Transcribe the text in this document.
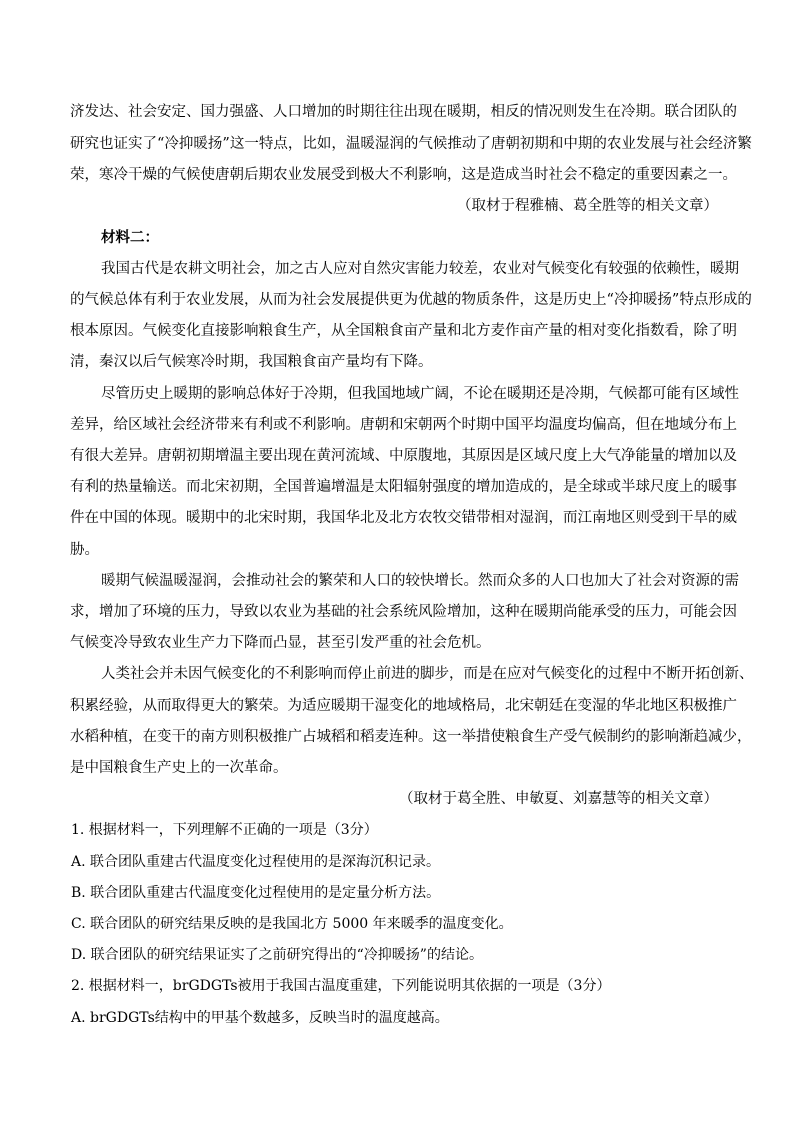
济发达、社会安定、国力强盛、人口增加的时期往往出现在暖期，相反的情况则发生在冷期。联合团队的
研究也证实了“冷抑暖扬”这一特点，比如，温暖湿润的气候推动了唐朝初期和中期的农业发展与社会经济繁
荣，寒冷干燥的气候使唐朝后期农业发展受到极大不利影响，这是造成当时社会不稳定的重要因素之一。
（取材于程雅楠、葛全胜等的相关文章）
材料二：
我国古代是农耕文明社会，加之古人应对自然灾害能力较差，农业对气候变化有较强的依赖性，暖期
的气候总体有利于农业发展，从而为社会发展提供更为优越的物质条件，这是历史上“冷抑暖扬”特点形成的
根本原因。气候变化直接影响粮食生产，从全国粮食亩产量和北方麦作亩产量的相对变化指数看，除了明
清，秦汉以后气候寒冷时期，我国粮食亩产量均有下降。
尽管历史上暖期的影响总体好于冷期，但我国地域广阔，不论在暖期还是冷期，气候都可能有区域性
差异，给区域社会经济带来有利或不利影响。唐朝和宋朝两个时期中国平均温度均偏高，但在地域分布上
有很大差异。唐朝初期增温主要出现在黄河流域、中原腹地，其原因是区域尺度上大气净能量的增加以及
有利的热量输送。而北宋初期，全国普遍增温是太阳辐射强度的增加造成的，是全球或半球尺度上的暖事
件在中国的体现。暖期中的北宋时期，我国华北及北方农牧交错带相对湿润，而江南地区则受到干旱的威
胁。
暖期气候温暖湿润，会推动社会的繁荣和人口的较快增长。然而众多的人口也加大了社会对资源的需
求，增加了环境的压力，导致以农业为基础的社会系统风险增加，这种在暖期尚能承受的压力，可能会因
气候变冷导致农业生产力下降而凸显，甚至引发严重的社会危机。
人类社会并未因气候变化的不利影响而停止前进的脚步，而是在应对气候变化的过程中不断开拓创新、
积累经验，从而取得更大的繁荣。为适应暖期干湿变化的地域格局，北宋朝廷在变湿的华北地区积极推广
水稻种植，在变干的南方则积极推广占城稻和稻麦连种。这一举措使粮食生产受气候制约的影响渐趋减少，
是中国粮食生产史上的一次革命。
（取材于葛全胜、申敏夏、刘嘉慧等的相关文章）
1. 根据材料一，下列理解不正确的一项是（3分）
A. 联合团队重建古代温度变化过程使用的是深海沉积记录。
B. 联合团队重建古代温度变化过程使用的是定量分析方法。
C. 联合团队的研究结果反映的是我国北方 5000 年来暖季的温度变化。
D. 联合团队的研究结果证实了之前研究得出的“冷抑暖扬”的结论。
2. 根据材料一，brGDGTs被用于我国古温度重建，下列能说明其依据的一项是（3分）
A. brGDGTs结构中的甲基个数越多，反映当时的温度越高。
